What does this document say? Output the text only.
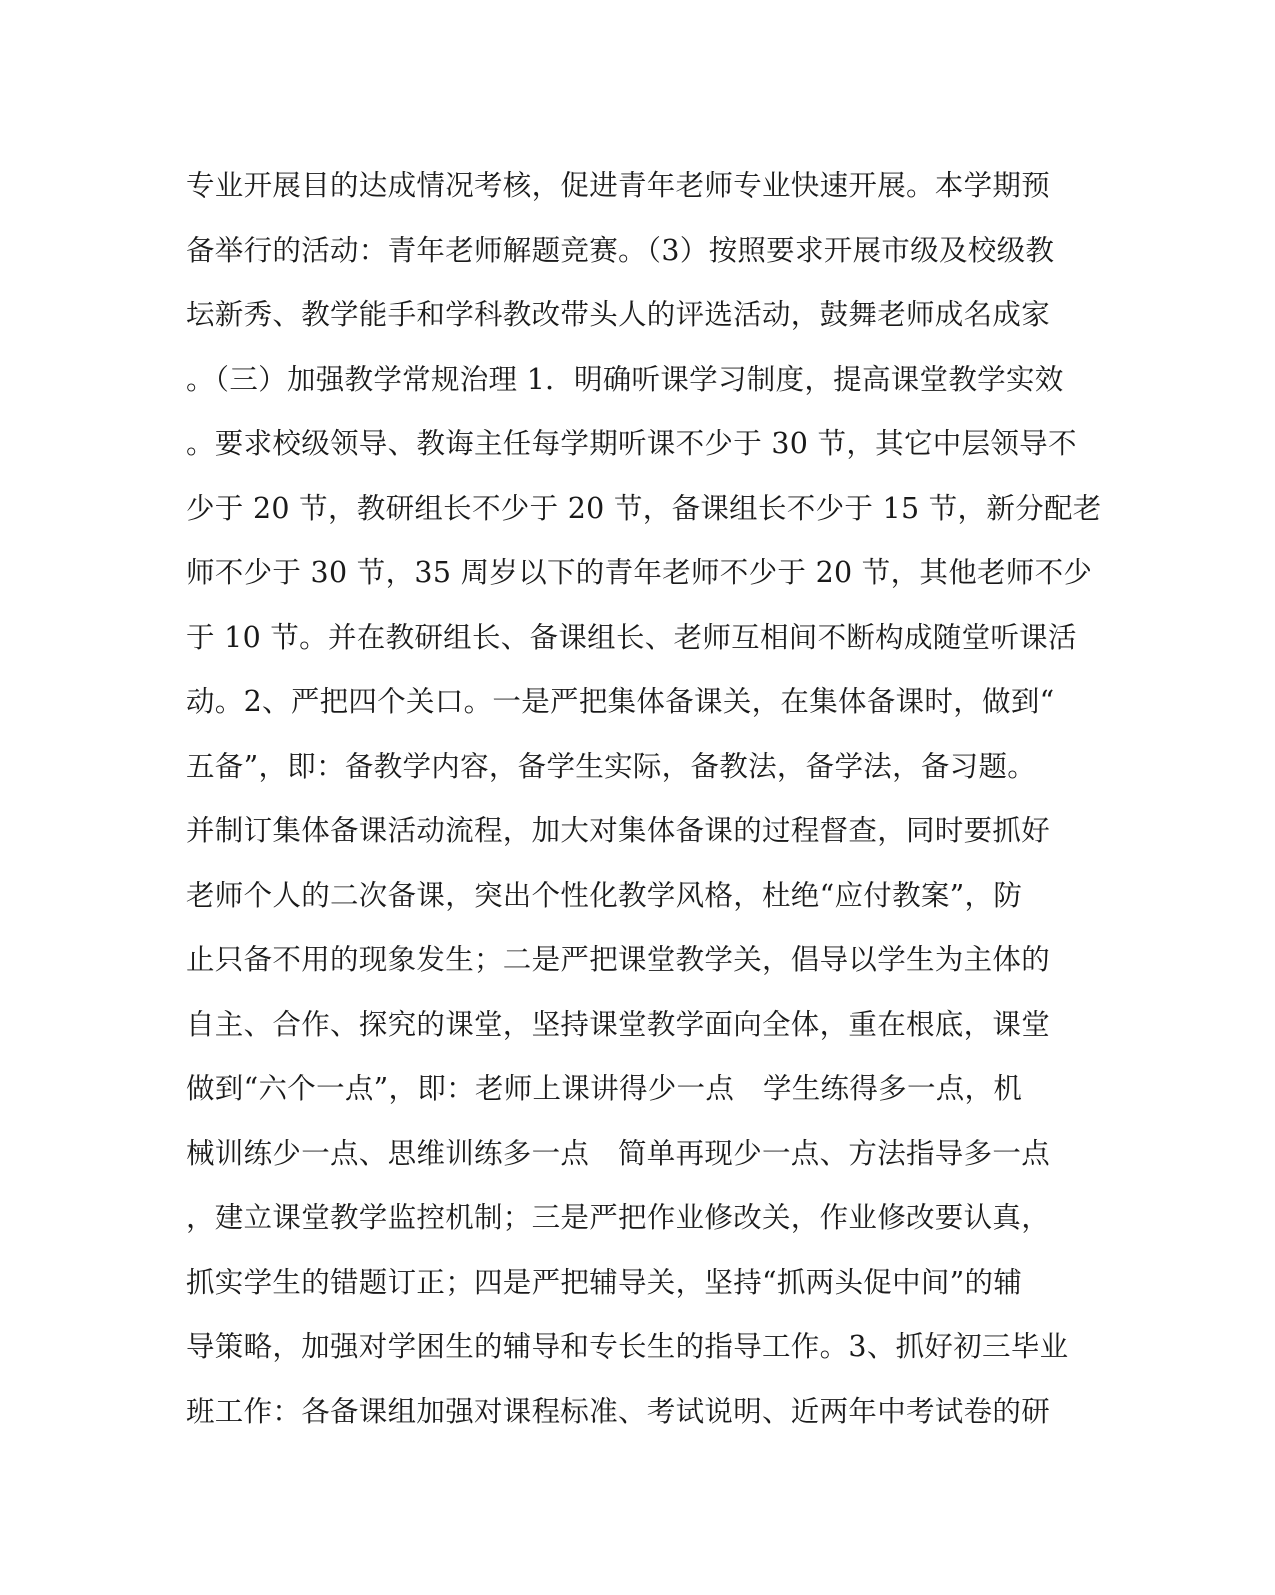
专业开展目的达成情况考核，促进青年老师专业快速开展。本学期预
备举行的活动：青年老师解题竞赛。（3）按照要求开展市级及校级教
坛新秀、教学能手和学科教改带头人的评选活动，鼓舞老师成名成家
。（三）加强教学常规治理 1．明确听课学习制度，提高课堂教学实效
。要求校级领导、教诲主任每学期听课不少于 30 节，其它中层领导不
少于 20 节，教研组长不少于 20 节，备课组长不少于 15 节，新分配老
师不少于 30 节，35 周岁以下的青年老师不少于 20 节，其他老师不少
于 10 节。并在教研组长、备课组长、老师互相间不断构成随堂听课活
动。2、严把四个关口。一是严把集体备课关，在集体备课时，做到“
五备”，即：备教学内容，备学生实际，备教法，备学法，备习题。
并制订集体备课活动流程，加大对集体备课的过程督查，同时要抓好
老师个人的二次备课，突出个性化教学风格，杜绝“应付教案”，防
止只备不用的现象发生；二是严把课堂教学关，倡导以学生为主体的
自主、合作、探究的课堂，坚持课堂教学面向全体，重在根底，课堂
做到“六个一点”，即：老师上课讲得少一点　学生练得多一点，机
械训练少一点、思维训练多一点　简单再现少一点、方法指导多一点
，建立课堂教学监控机制；三是严把作业修改关，作业修改要认真，
抓实学生的错题订正；四是严把辅导关，坚持“抓两头促中间”的辅
导策略，加强对学困生的辅导和专长生的指导工作。3、抓好初三毕业
班工作：各备课组加强对课程标准、考试说明、近两年中考试卷的研
